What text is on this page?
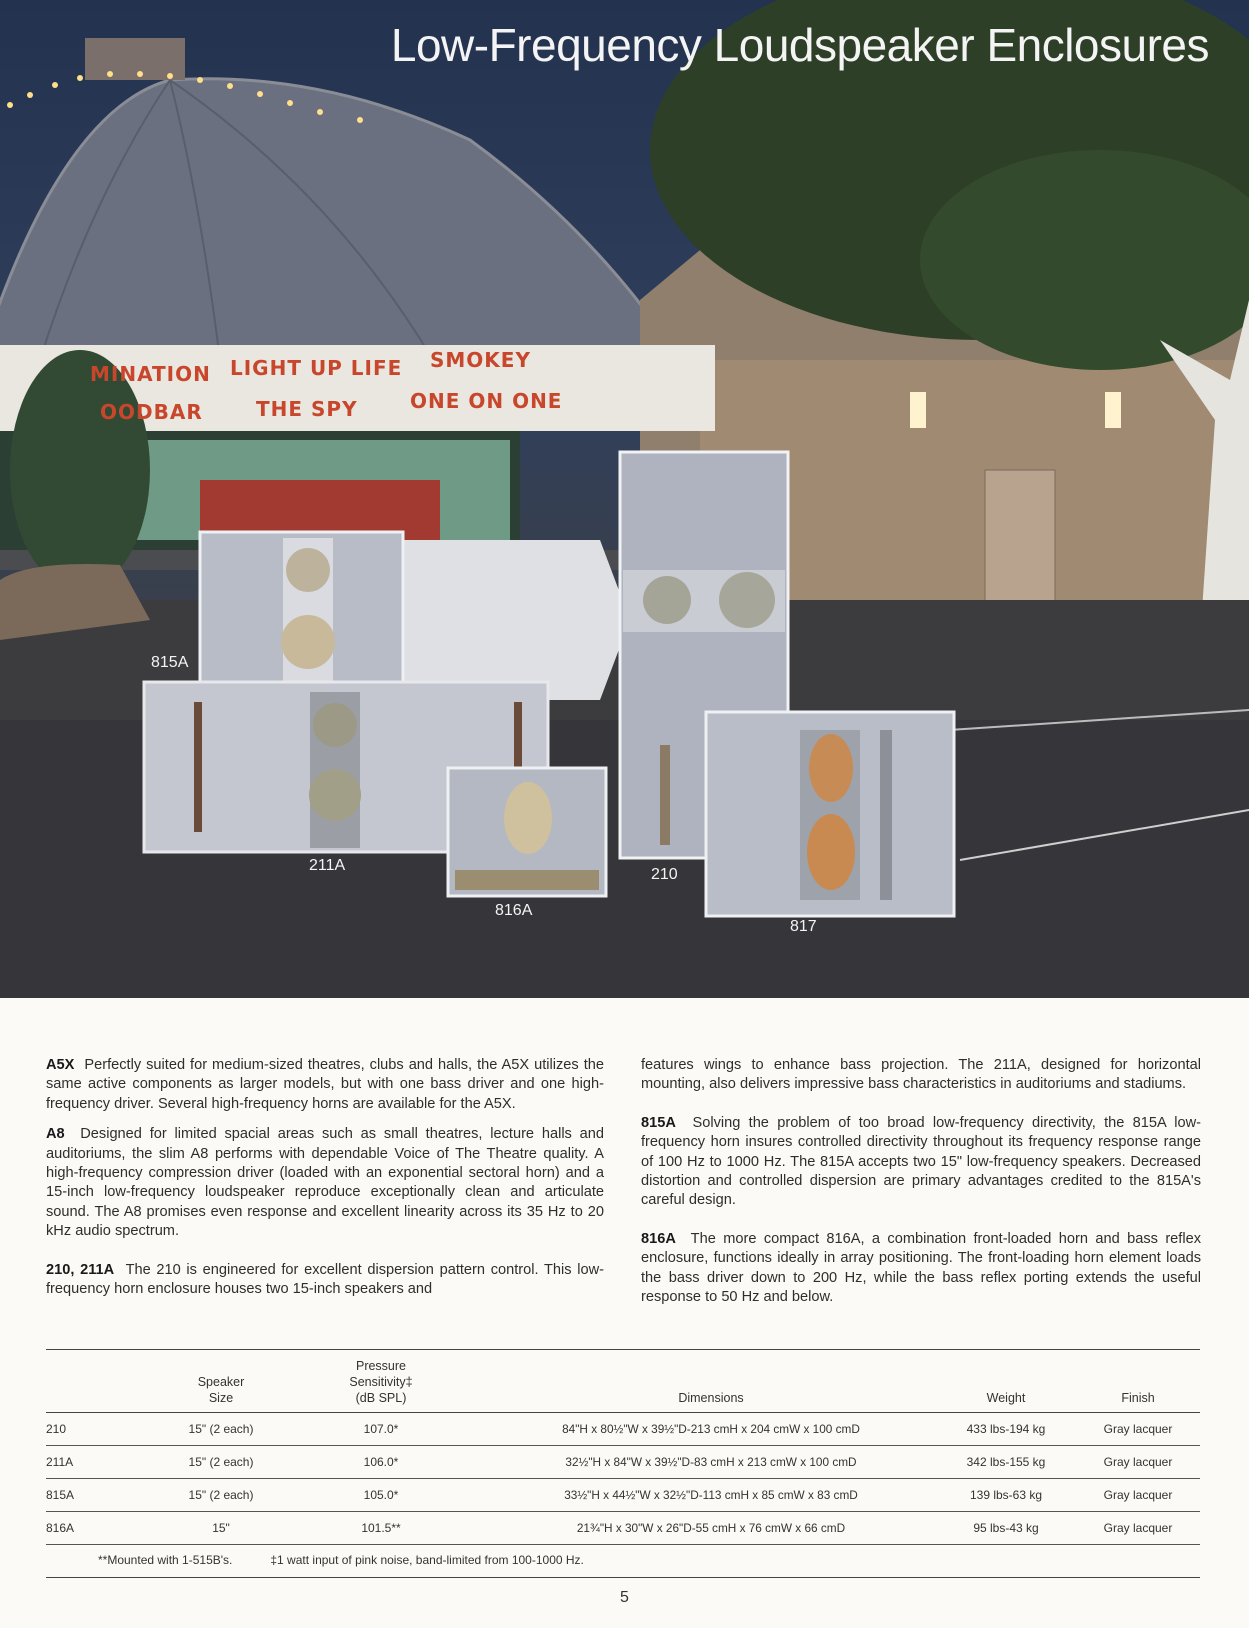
MINATION LIGHT UP LIFE SMOKEY
OODBAR	THE SPY	ONE ON ONE
Low-Frequency Loudspeaker Enclosures
815A
211A
816A
210
817

A5X Perfectly suited for medium-sized theatres, clubs and halls, the A5X utilizes the same active components as larger models, but with one bass driver and one high-frequency driver. Several high-frequency horns are available for the A5X.

A8 Designed for limited spacial areas such as small theatres, lecture halls and auditoriums, the slim A8 performs with dependable Voice of The Theatre quality. A high-frequency compression driver (loaded with an exponential sectoral horn) and a 15-inch low-frequency loudspeaker reproduce exceptionally clean and articulate sound. The A8 promises even response and excellent linearity across its 35 Hz to 20 kHz audio spectrum.

210, 211A The 210 is engineered for excellent dispersion pattern control. This low-frequency horn enclosure houses two 15-inch speakers and

features wings to enhance bass projection. The 211A, designed for horizontal mounting, also delivers impressive bass characteristics in auditoriums and stadiums.

815A Solving the problem of too broad low-frequency directivity, the 815A low-frequency horn insures controlled directivity throughout its frequency response range of 100 Hz to 1000 Hz. The 815A accepts two 15" low-frequency speakers. Decreased distortion and controlled dispersion are primary advantages credited to the 815A's careful design.

816A The more compact 816A, a combination front-loaded horn and bass reflex enclosure, functions ideally in array positioning. The front-loading horn element loads the bass driver down to 200 Hz, while the bass reflex porting extends the useful response to 50 Hz and below.

	Speaker
Size	Pressure
Sensitivity‡
(dB SPL)	Dimensions	Weight	Finish
210	15" (2 each)	107.0*	84"H x 80½"W x 39½"D-213 cmH x 204 cmW x 100 cmD	433 lbs-194 kg	Gray lacquer
211A	15" (2 each)	106.0*	32½"H x 84"W x 39½"D-83 cmH x 213 cmW x 100 cmD	342 lbs-155 kg	Gray lacquer
815A	15" (2 each)	105.0*	33½"H x 44½"W x 32½"D-113 cmH x 85 cmW x 83 cmD	139 lbs-63 kg	Gray lacquer
816A	15"	101.5**	21¾"H x 30"W x 26"D-55 cmH x 76 cmW x 66 cmD	95 lbs-43 kg	Gray lacquer
**Mounted with 1-515B's.	‡1 watt input of pink noise, band-limited from 100-1000 Hz.
5
